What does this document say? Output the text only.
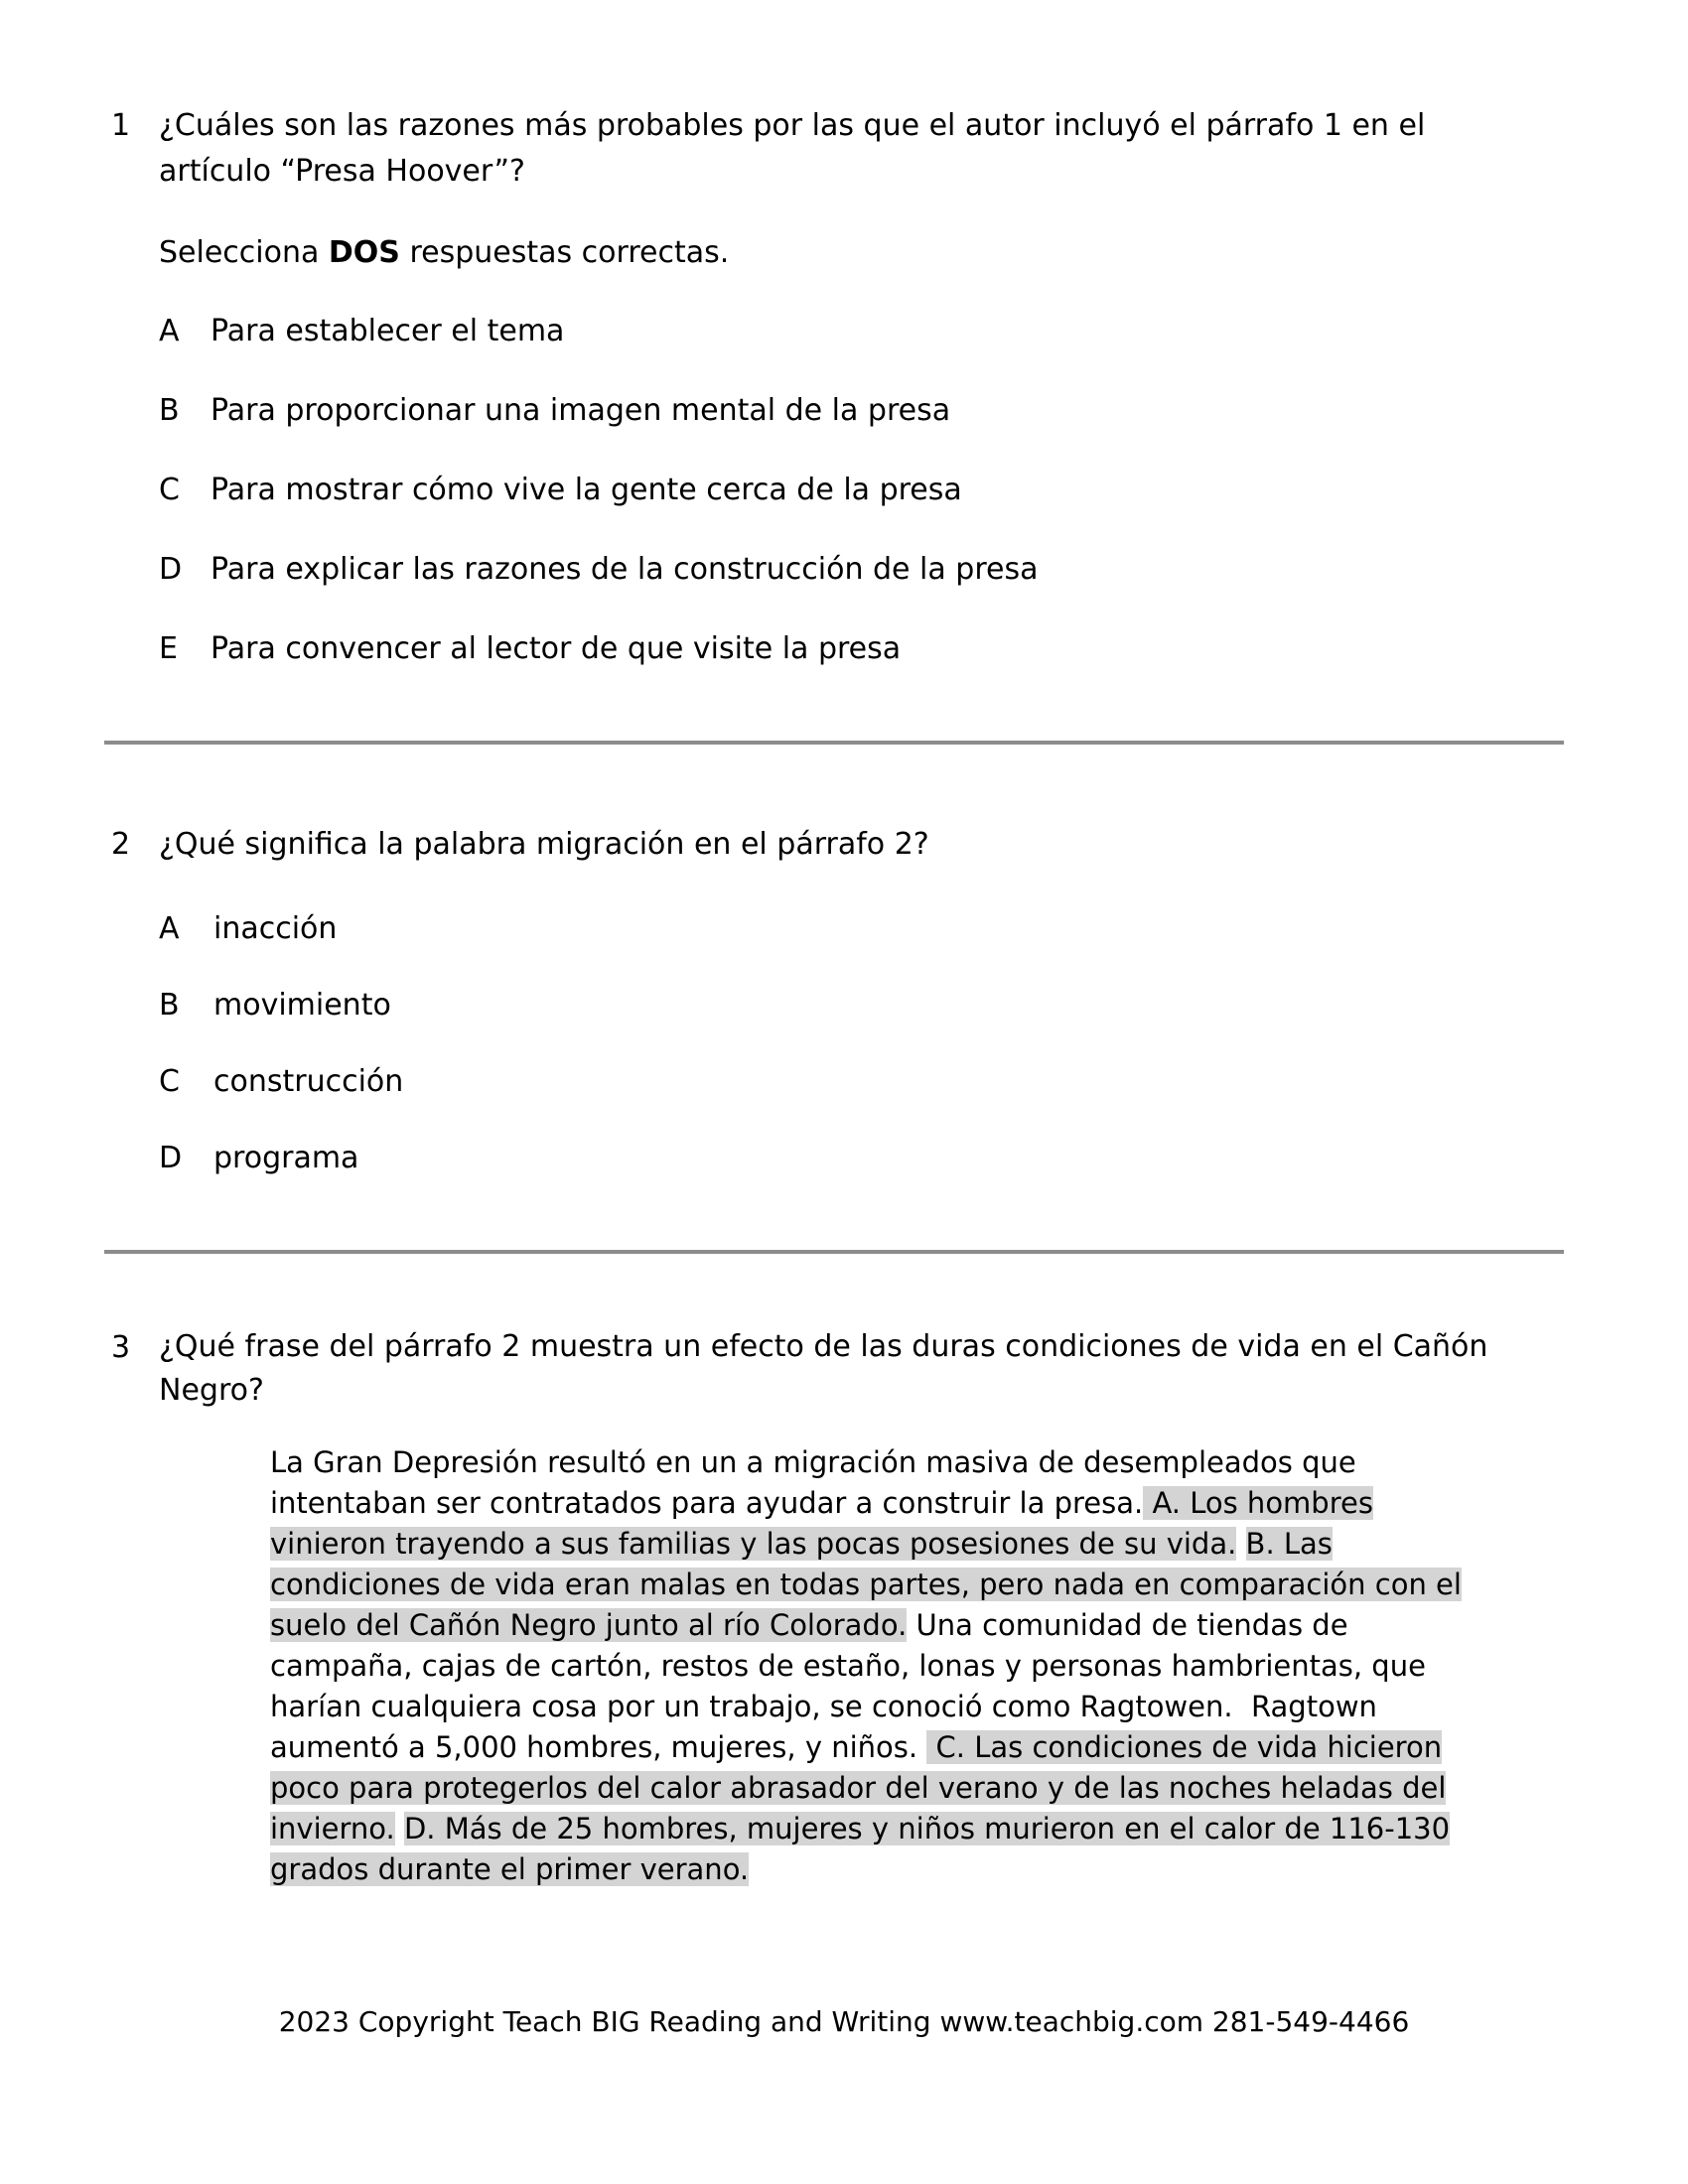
1 ¿Cuáles son las razones más probables por las que el autor incluyó el párrafo 1 en el artículo “Presa Hoover”?
Selecciona DOS respuestas correctas.
A	Para establecer el tema
B	Para proporcionar una imagen mental de la presa
C	Para mostrar cómo vive la gente cerca de la presa
D Para explicar las razones de la construcción de la presa
E	Para convencer al lector de que visite la presa
2 ¿Qué significa la palabra migración en el párrafo 2?
A	inacción
B	movimiento
C	construcción
D	programa
3 ¿Qué frase del párrafo 2 muestra un efecto de las duras condiciones de vida en el Cañón Negro?
La Gran Depresión resultó en un a migración masiva de desempleados que
intentaban ser contratados para ayudar a construir la presa. A. Los hombres
vinieron trayendo a sus familias y las pocas posesiones de su vida. B. Las
condiciones de vida eran malas en todas partes, pero nada en comparación con el
suelo del Cañón Negro junto al río Colorado. Una comunidad de tiendas de
campaña, cajas de cartón, restos de estaño, lonas y personas hambrientas, que
harían cualquiera cosa por un trabajo, se conoció como Ragtowen.  Ragtown
aumentó a 5,000 hombres, mujeres, y niños.  C. Las condiciones de vida hicieron
poco para protegerlos del calor abrasador del verano y de las noches heladas del
invierno. D. Más de 25 hombres, mujeres y niños murieron en el calor de 116-130
grados durante el primer verano.
2023 Copyright Teach BIG Reading and Writing www.teachbig.com 281-549-4466
